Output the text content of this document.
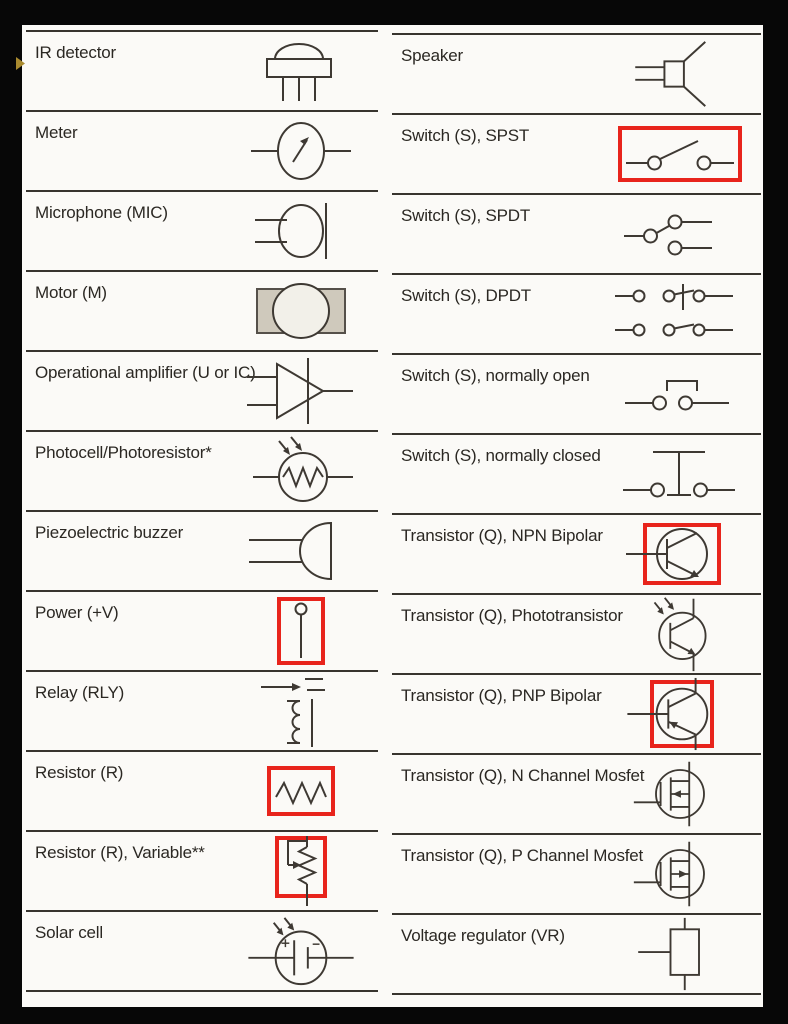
IR detector
Meter
Microphone (MIC)
Motor (M)
Operational amplifier (U or IC)
Photocell/Photoresistor*
Piezoelectric buzzer
Power (+V)
Relay (RLY)
Resistor (R)
Resistor (R), Variable**
Solar cell
Speaker
Switch (S), SPST
Switch (S), SPDT
Switch (S), DPDT
Switch (S), normally open
Switch (S), normally closed
Transistor (Q), NPN Bipolar
Transistor (Q), Phototransistor
Transistor (Q), PNP Bipolar
Transistor (Q), N Channel Mosfet
Transistor (Q), P Channel Mosfet
Voltage regulator (VR)
